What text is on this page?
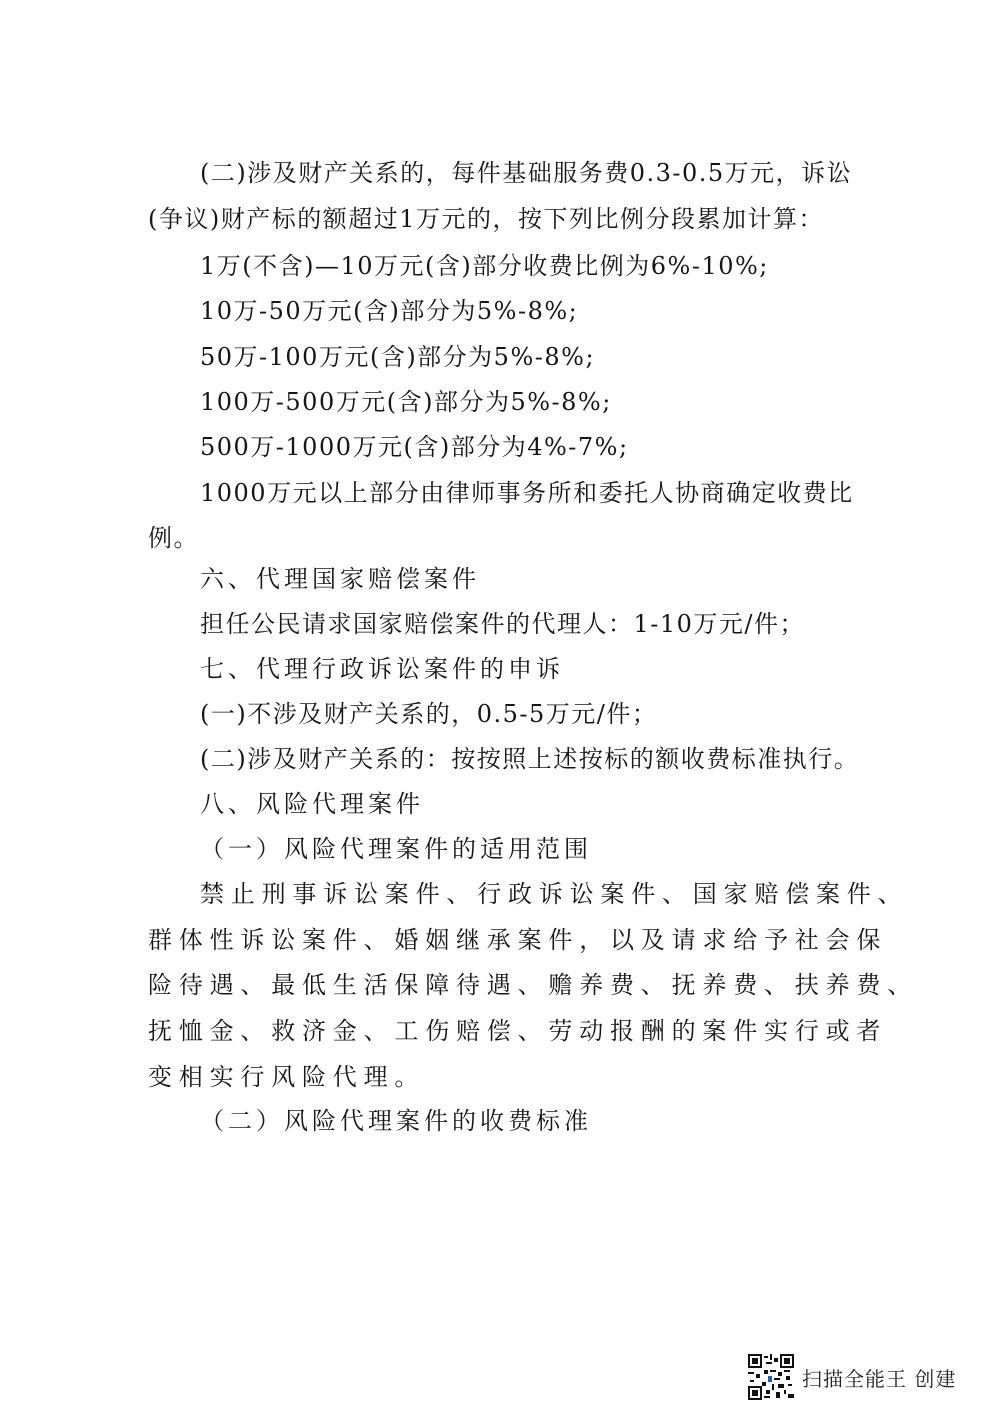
(二)涉及财产关系的，每件基础服务费0.3-0.5万元，诉讼
(争议)财产标的额超过1万元的，按下列比例分段累加计算：
1万(不含)—10万元(含)部分收费比例为6%-10%;
10万-50万元(含)部分为5%-8%;
50万-100万元(含)部分为5%-8%;
100万-500万元(含)部分为5%-8%;
500万-1000万元(含)部分为4%-7%;
1000万元以上部分由律师事务所和委托人协商确定收费比
例。
六、代理国家赔偿案件
担任公民请求国家赔偿案件的代理人：1-10万元/件；
七、代理行政诉讼案件的申诉
(一)不涉及财产关系的，0.5-5万元/件；
(二)涉及财产关系的：按按照上述按标的额收费标准执行。
八、风险代理案件
（一）风险代理案件的适用范围
禁止刑事诉讼案件、行政诉讼案件、国家赔偿案件、
群体性诉讼案件、婚姻继承案件，以及请求给予社会保
险待遇、最低生活保障待遇、赡养费、抚养费、扶养费、
抚恤金、救济金、工伤赔偿、劳动报酬的案件实行或者
变相实行风险代理。
（二）风险代理案件的收费标准
扫描全能王 创建
